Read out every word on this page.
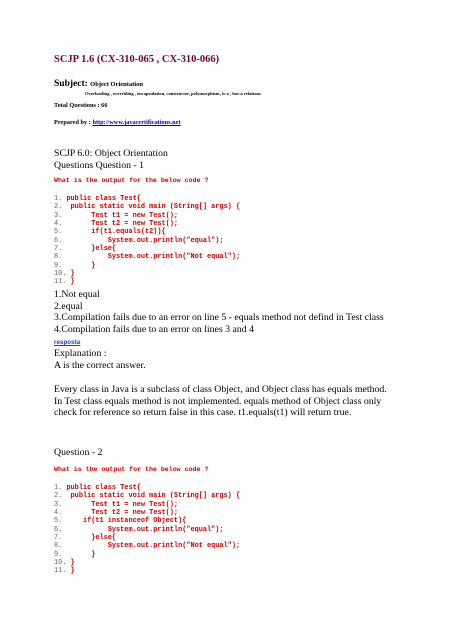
SCJP 1.6 (CX-310-065 , CX-310-066)
Subject: Object Orientation
Overloading , overriding , encapsulation, constructor, polymorphism, is-a , has-a relations
Total Questions : 66
Prepared by : http://www.javacertifications.net
SCJP 6.0: Object Orientation
Questions Question - 1
What is the output for the below code ?
1. public class Test{
2.  public static void main (String[] args) {
3.       Test t1 = new Test();
4.       Test t2 = new Test();
5.       if(t1.equals(t2)){
6.           System.out.println("equal");
7.       }else{
8.           System.out.println("Not equal");
9.       }
10. }
11. }
1.Not equal
2.equal
3.Compilation fails due to an error on line 5 - equals method not defind in Test class
4.Compilation fails due to an error on lines 3 and 4
resposta
Explanation :
A is the correct answer.
Every class in Java is a subclass of class Object, and Object class has equals method.
In Test class equals method is not implemented. equals method of Object class only
check for reference so return false in this case. t1.equals(t1) will return true.
Question - 2
What is the output for the below code ?
1. public class Test{
2.  public static void main (String[] args) {
3.       Test t1 = new Test();
4.       Test t2 = new Test();
5.     if(t1 instanceof Object){
6.           System.out.println("equal");
7.       }else{
8.           System.out.println("Not equal");
9.       }
10. }
11. }
